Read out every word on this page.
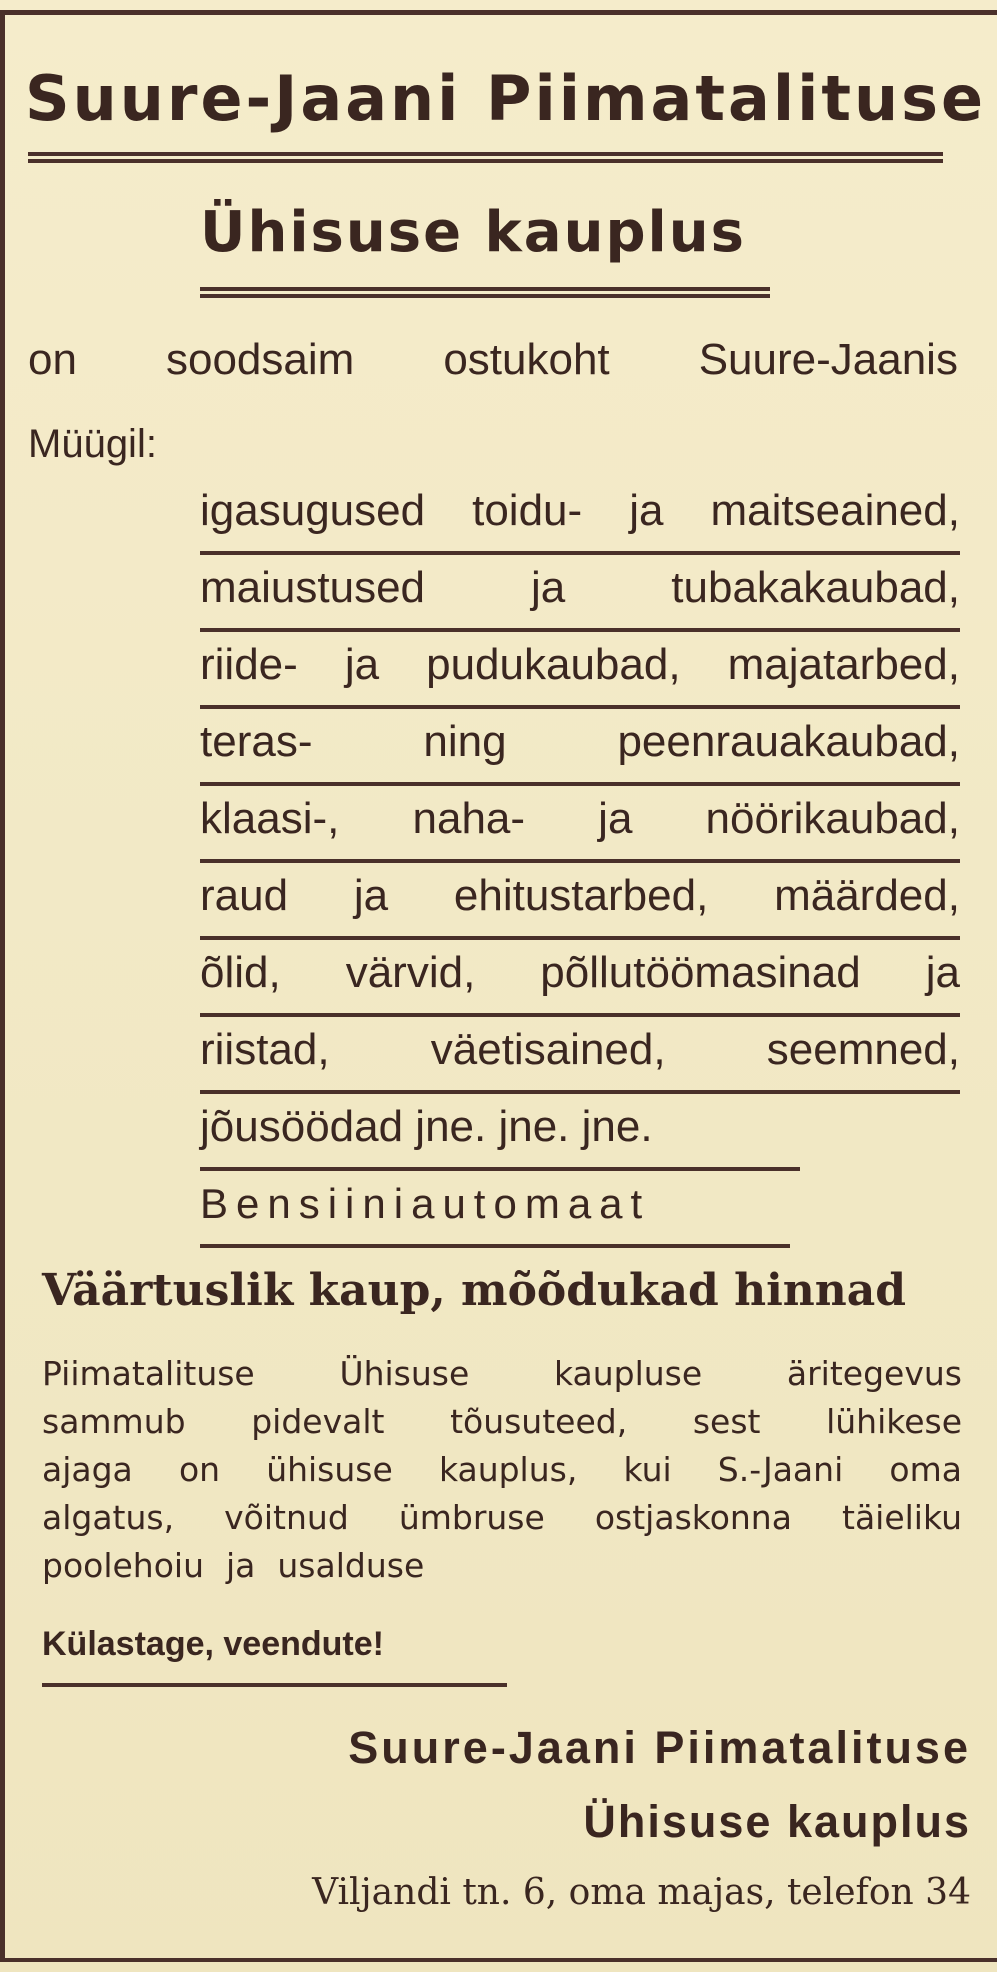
Suure-Jaani Piimatalituse
Ühisuse kauplus
on soodsaim ostukoht Suure-Jaanis
Müügil:
igasugused toidu- ja maitseained,
maiustused ja tubakakaubad,
riide- ja pudukaubad, majatarbed,
teras-	ning	peenrauakaubad,
klaasi-, naha- ja nöörikaubad,
raud ja ehitustarbed, määrded,
õlid, värvid, põllutöömasinad ja
riistad, väetisained, seemned,
jõusöödad jne. jne. jne.
Bensiiniautomaat
Väärtuslik kaup, mõõdukad hinnad

Piimatalituse	Ühisuse	kaupluse	äritegevus

sammub pidevalt tõusuteed, sest lühikese

ajaga on ühisuse kauplus, kui S.-Jaani oma

algatus, võitnud ümbruse ostjaskonna täieliku

poolehoiu ja usalduse

Külastage, veendute!
Suure-Jaani Piimatalituse
Ühisuse kauplus
Viljandi tn. 6, oma majas, telefon 34
